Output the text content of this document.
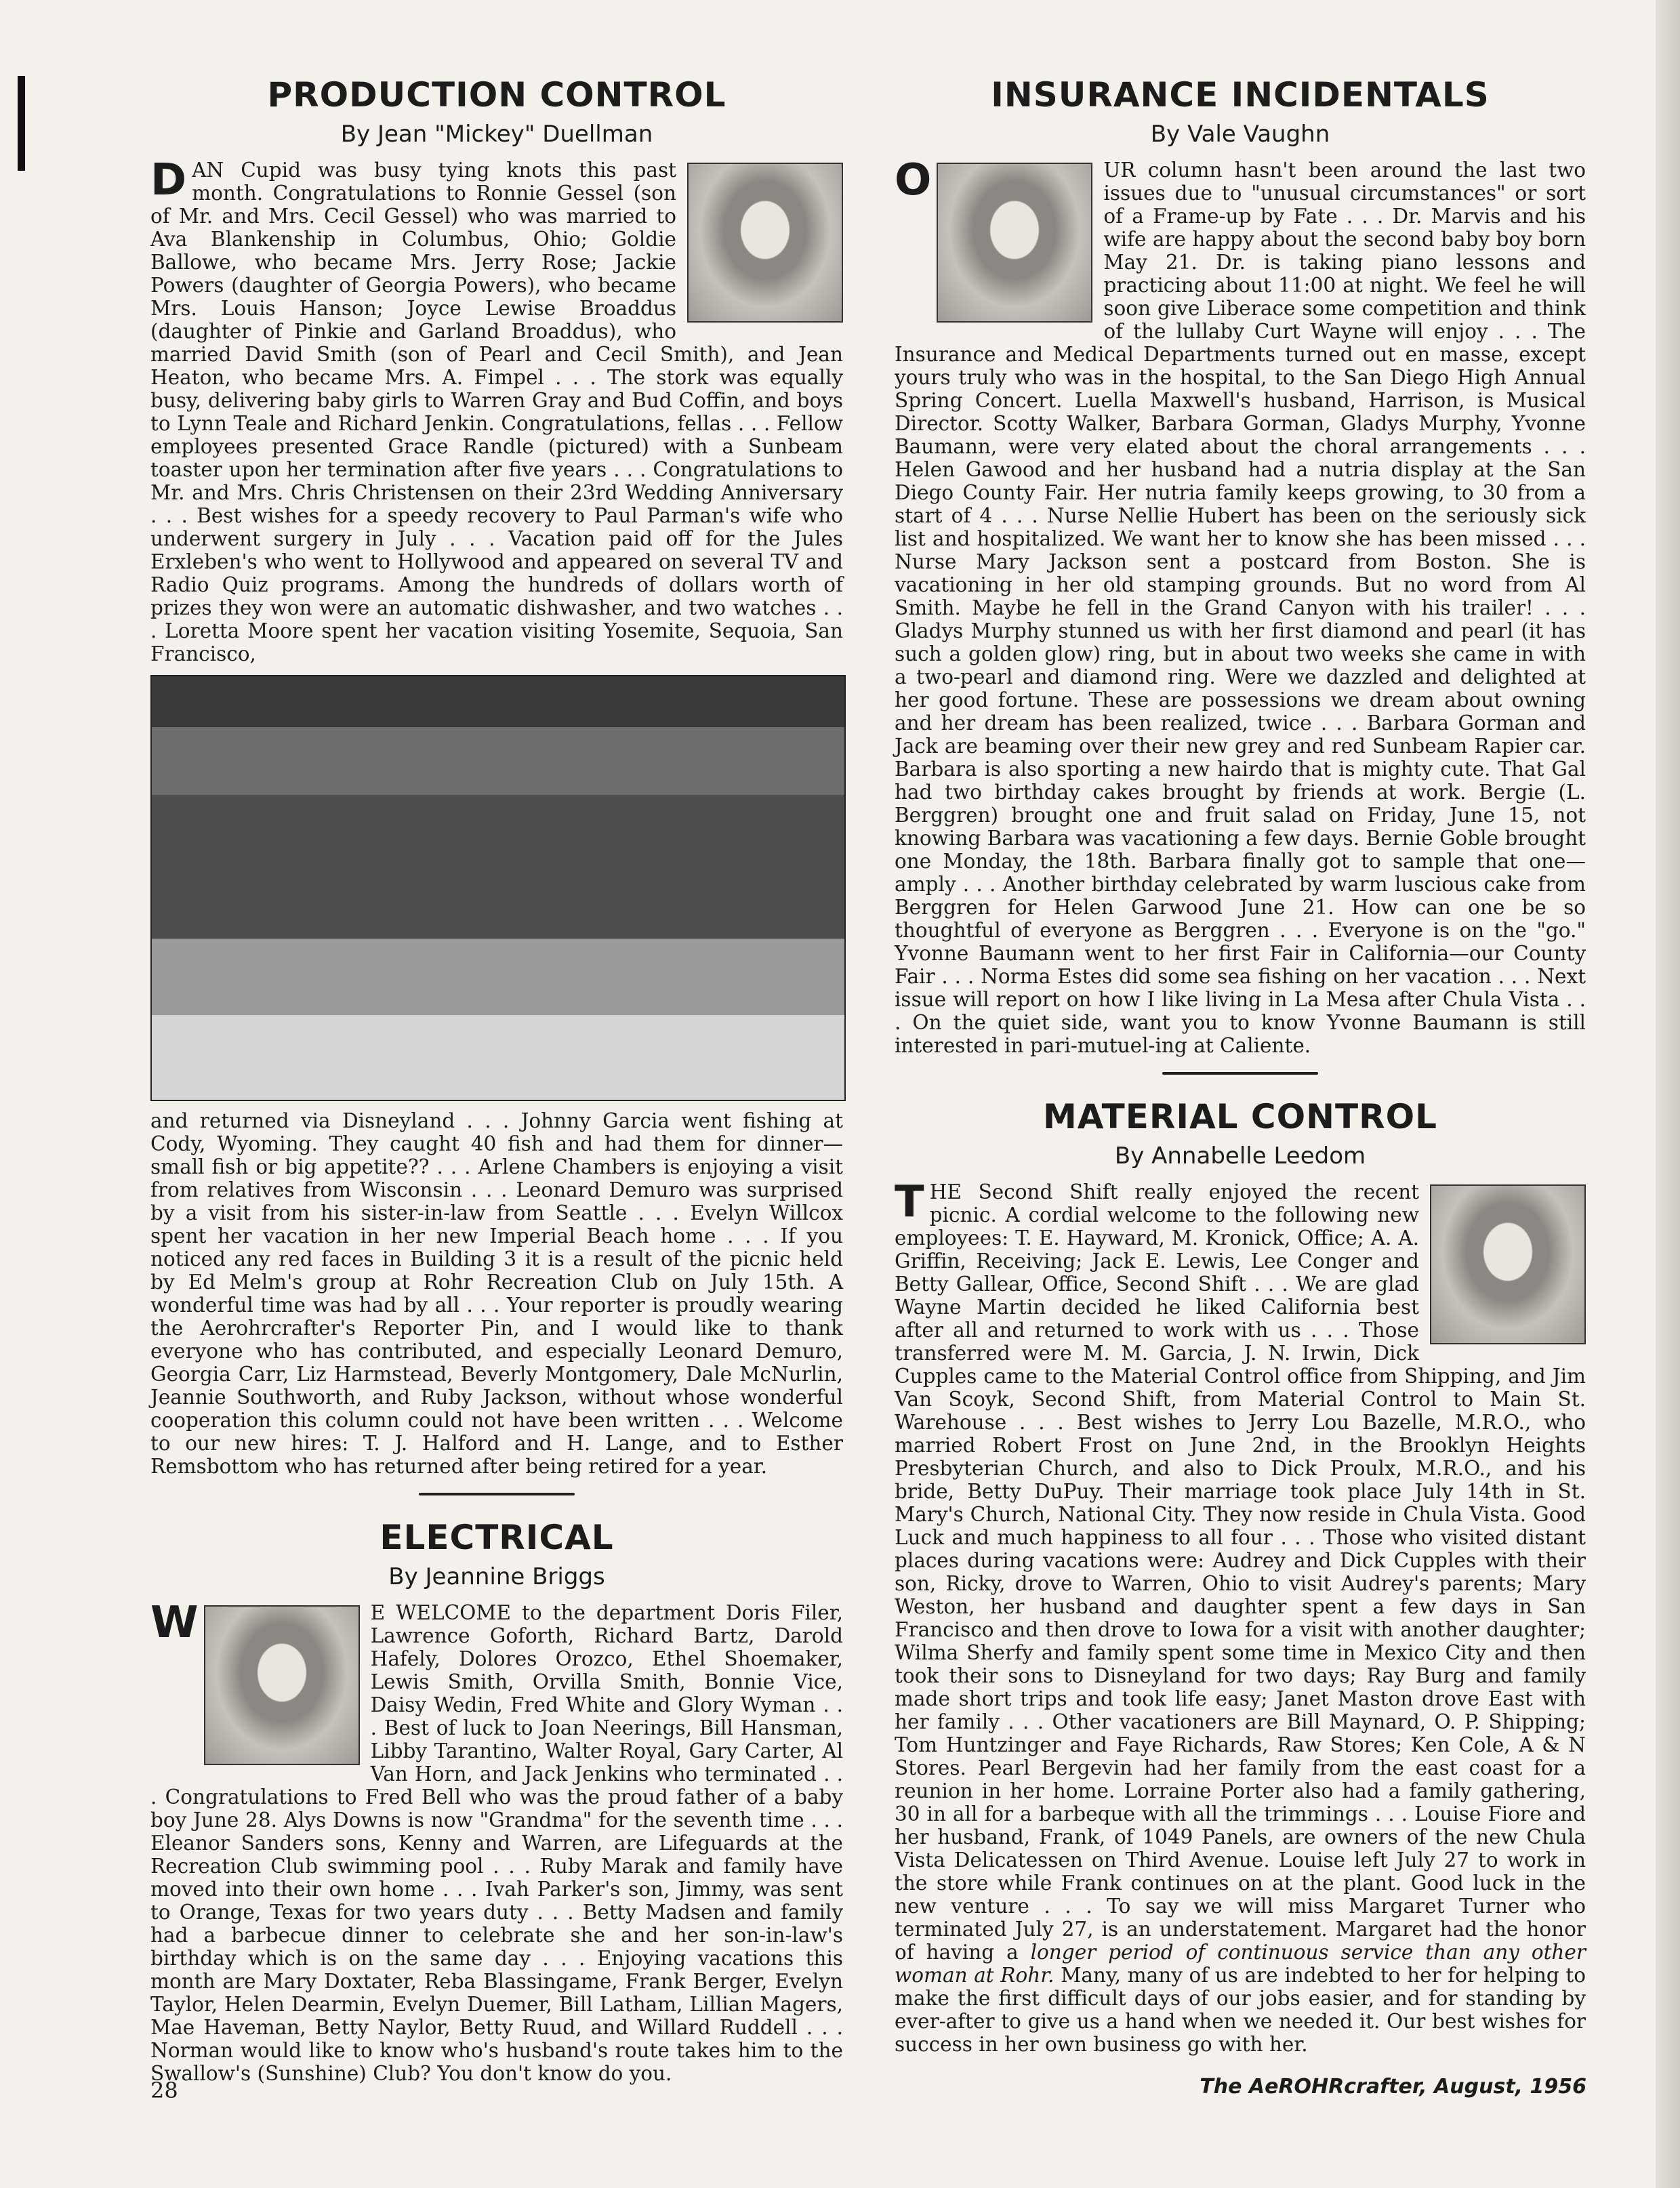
PRODUCTION CONTROL
By Jean "Mickey" Duellman

D AN Cupid was busy tying knots this past month. Congratulations to Ronnie Gessel (son of Mr. and Mrs. Cecil Gessel) who was married to Ava Blankenship in Columbus, Ohio; Goldie Ballowe, who became Mrs. Jerry Rose; Jackie Powers (daughter of Georgia Powers), who became Mrs. Louis Hanson; Joyce Lewise Broaddus (daughter of Pinkie and Garland Broaddus), who married David Smith (son of Pearl and Cecil Smith), and Jean Heaton, who became Mrs. A. Fimpel . . . The stork was equally busy, delivering baby girls to Warren Gray and Bud Coffin, and boys to Lynn Teale and Richard Jenkin. Congratulations, fellas . . . Fellow employees presented Grace Randle (pictured) with a Sunbeam toaster upon her termination after five years . . . Congratulations to Mr. and Mrs. Chris Christensen on their 23rd Wedding Anniversary . . . Best wishes for a speedy recovery to Paul Parman's wife who underwent surgery in July . . . Vacation paid off for the Jules Erxleben's who went to Hollywood and appeared on several TV and Radio Quiz programs. Among the hundreds of dollars worth of prizes they won were an automatic dishwasher, and two watches . . . Loretta Moore spent her vacation visiting Yosemite, Sequoia, San Francisco,

and returned via Disneyland . . . Johnny Garcia went fishing at Cody, Wyoming. They caught 40 fish and had them for dinner—small fish or big appetite?? . . . Arlene Chambers is enjoying a visit from relatives from Wisconsin . . . Leonard Demuro was surprised by a visit from his sister-in-law from Seattle . . . Evelyn Willcox spent her vacation in her new Imperial Beach home . . . If you noticed any red faces in Building 3 it is a result of the picnic held by Ed Melm's group at Rohr Recreation Club on July 15th. A wonderful time was had by all . . . Your reporter is proudly wearing the Aerohrcrafter's Reporter Pin, and I would like to thank everyone who has contributed, and especially Leonard Demuro, Georgia Carr, Liz Harmstead, Beverly Montgomery, Dale McNurlin, Jeannie Southworth, and Ruby Jackson, without whose wonderful cooperation this column could not have been written . . . Welcome to our new hires: T. J. Halford and H. Lange, and to Esther Remsbottom who has returned after being retired for a year.

ELECTRICAL
By Jeannine Briggs

W	E WELCOME to the department Doris Filer, Lawrence Goforth, Richard Bartz, Darold Hafely, Dolores Orozco, Ethel Shoemaker, Lewis Smith, Orvilla Smith, Bonnie Vice, Daisy Wedin, Fred White and Glory Wyman . . . Best of luck to Joan Neerings, Bill Hansman, Libby Tarantino, Walter Royal, Gary Carter, Al Van Horn, and Jack Jenkins who terminated . . . Congratulations to Fred Bell who was the proud father of a baby boy June 28. Alys Downs is now "Grandma" for the seventh time . . . Eleanor Sanders sons, Kenny and Warren, are Lifeguards at the Recreation Club swimming pool . . . Ruby Marak and family have moved into their own home . . . Ivah Parker's son, Jimmy, was sent to Orange, Texas for two years duty . . . Betty Madsen and family had a barbecue dinner to celebrate she and her son-in-law's birthday which is on the same day . . . Enjoying vacations this month are Mary Doxtater, Reba Blassingame, Frank Berger, Evelyn Taylor, Helen Dearmin, Evelyn Duemer, Bill Latham, Lillian Magers, Mae Haveman, Betty Naylor, Betty Ruud, and Willard Ruddell . . . Norman would like to know who's husband's route takes him to the Swallow's (Sunshine) Club? You don't know do you.

INSURANCE INCIDENTALS
By Vale Vaughn

O	UR column hasn't been around the last two issues due to "unusual circumstances" or sort of a Frame-up by Fate . . . Dr. Marvis and his wife are happy about the second baby boy born May 21. Dr. is taking piano lessons and practicing about 11:00 at night. We feel he will soon give Liberace some competition and think of the lullaby Curt Wayne will enjoy . . . The Insurance and Medical Departments turned out en masse, except yours truly who was in the hospital, to the San Diego High Annual Spring Concert. Luella Maxwell's husband, Harrison, is Musical Director. Scotty Walker, Barbara Gorman, Gladys Murphy, Yvonne Baumann, were very elated about the choral arrangements . . . Helen Gawood and her husband had a nutria display at the San Diego County Fair. Her nutria family keeps growing, to 30 from a start of 4 . . . Nurse Nellie Hubert has been on the seriously sick list and hospitalized. We want her to know she has been missed . . . Nurse Mary Jackson sent a postcard from Boston. She is vacationing in her old stamping grounds. But no word from Al Smith. Maybe he fell in the Grand Canyon with his trailer! . . . Gladys Murphy stunned us with her first diamond and pearl (it has such a golden glow) ring, but in about two weeks she came in with a two-pearl and diamond ring. Were we dazzled and delighted at her good fortune. These are possessions we dream about owning and her dream has been realized, twice . . . Barbara Gorman and Jack are beaming over their new grey and red Sunbeam Rapier car. Barbara is also sporting a new hairdo that is mighty cute. That Gal had two birthday cakes brought by friends at work. Bergie (L. Berggren) brought one and fruit salad on Friday, June 15, not knowing Barbara was vacationing a few days. Bernie Goble brought one Monday, the 18th. Barbara finally got to sample that one—amply . . . Another birthday celebrated by warm luscious cake from Berggren for Helen Garwood June 21. How can one be so thoughtful of everyone as Berggren . . . Everyone is on the "go." Yvonne Baumann went to her first Fair in California—our County Fair . . . Norma Estes did some sea fishing on her vacation . . . Next issue will report on how I like living in La Mesa after Chula Vista . . . On the quiet side, want you to know Yvonne Baumann is still interested in pari-mutuel-ing at Caliente.

MATERIAL CONTROL
By Annabelle Leedom

T HE Second Shift really enjoyed the recent picnic. A cordial welcome to the following new employees: T. E. Hayward, M. Kronick, Office; A. A. Griffin, Receiving; Jack E. Lewis, Lee Conger and Betty Gallear, Office, Second Shift . . . We are glad Wayne Martin decided he liked California best after all and returned to work with us . . . Those transferred were M. M. Garcia, J. N. Irwin, Dick Cupples came to the Material Control office from Shipping, and Jim Van Scoyk, Second Shift, from Material Control to Main St. Warehouse . . . Best wishes to Jerry Lou Bazelle, M.R.O., who married Robert Frost on June 2nd, in the Brooklyn Heights Presbyterian Church, and also to Dick Proulx, M.R.O., and his bride, Betty DuPuy. Their marriage took place July 14th in St. Mary's Church, National City. They now reside in Chula Vista. Good Luck and much happiness to all four . . . Those who visited distant places during vacations were: Audrey and Dick Cupples with their son, Ricky, drove to Warren, Ohio to visit Audrey's parents; Mary Weston, her husband and daughter spent a few days in San Francisco and then drove to Iowa for a visit with another daughter; Wilma Sherfy and family spent some time in Mexico City and then took their sons to Disneyland for two days; Ray Burg and family made short trips and took life easy; Janet Maston drove East with her family . . . Other vacationers are Bill Maynard, O. P. Shipping; Tom Huntzinger and Faye Richards, Raw Stores; Ken Cole, A & N Stores. Pearl Bergevin had her family from the east coast for a reunion in her home. Lorraine Porter also had a family gathering, 30 in all for a barbeque with all the trimmings . . . Louise Fiore and her husband, Frank, of 1049 Panels, are owners of the new Chula Vista Delicatessen on Third Avenue. Louise left July 27 to work in the store while Frank continues on at the plant. Good luck in the new venture . . . To say we will miss Margaret Turner who terminated July 27, is an understatement. Margaret had the honor of having a longer period of continuous service than any other woman at Rohr. Many, many of us are indebted to her for helping to make the first difficult days of our jobs easier, and for standing by ever-after to give us a hand when we needed it. Our best wishes for success in her own business go with her.

28	The AeROHRcrafter, August, 1956
